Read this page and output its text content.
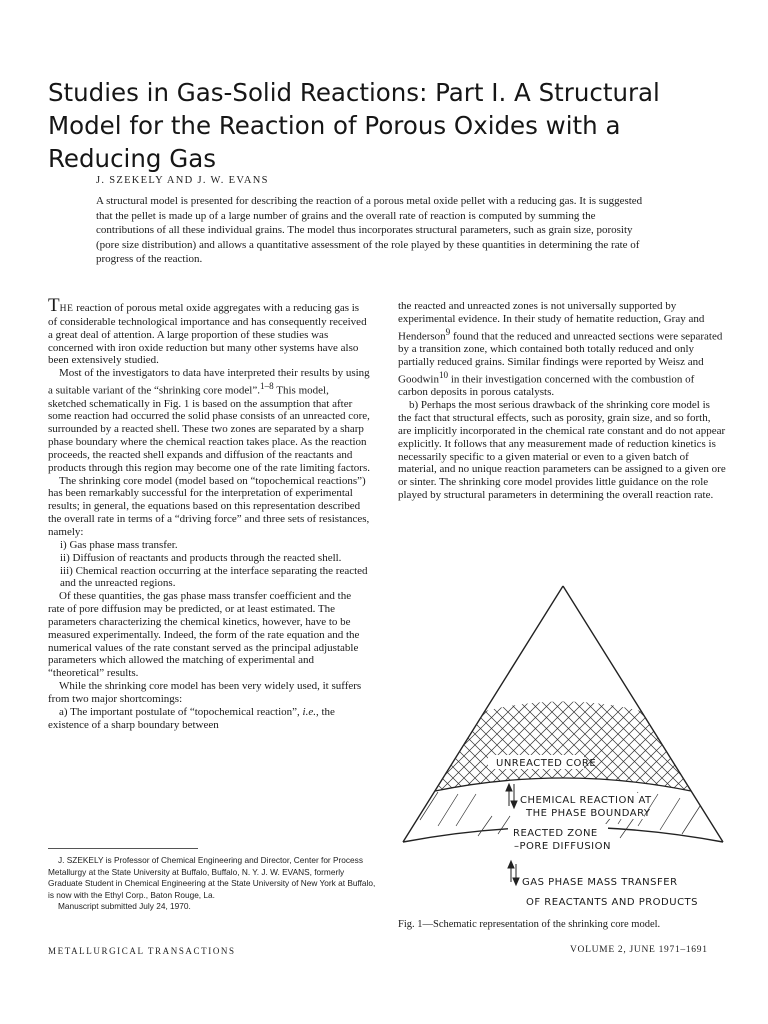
Studies in Gas-Solid Reactions: Part I. A Structural Model for the Reaction of Porous Oxides with a Reducing Gas
J. SZEKELY AND J. W. EVANS
A structural model is presented for describing the reaction of a porous metal oxide pellet with a reducing gas. It is suggested that the pellet is made up of a large number of grains and the overall rate of reaction is computed by summing the contributions of all these individual grains. The model thus incorporates structural parameters, such as grain size, porosity (pore size distribution) and allows a quantitative assessment of the role played by these quantities in determining the rate of progress of the reaction.

THE reaction of porous metal oxide aggregates with a reducing gas is of considerable technological importance and has consequently received a great deal of attention. A large proportion of these studies was concerned with iron oxide reduction but many other systems have also been extensively studied.

Most of the investigators to data have interpreted their results by using a suitable variant of the “shrinking core model”.$^{1-8}$ This model, sketched schematically in Fig. 1 is based on the assumption that after some reaction had occurred the solid phase consists of an unreacted core, surrounded by a reacted shell. These two zones are separated by a sharp phase boundary where the chemical reaction takes place. As the reaction proceeds, the reacted shell expands and diffusion of the reactants and products through this region may become one of the rate limiting factors.

The shrinking core model (model based on “topochemical reactions”) has been remarkably successful for the interpretation of experimental results; in general, the equations based on this representation described the overall rate in terms of a “driving force” and three sets of resistances, namely:

i) Gas phase mass transfer.

ii) Diffusion of reactants and products through the reacted shell.

iii) Chemical reaction occurring at the interface separating the reacted and the unreacted regions.

Of these quantities, the gas phase mass transfer coefficient and the rate of pore diffusion may be predicted, or at least estimated. The parameters characterizing the chemical kinetics, however, have to be measured experimentally. Indeed, the form of the rate equation and the numerical values of the rate constant served as the principal adjustable parameters which allowed the matching of experimental and “theoretical” results.

While the shrinking core model has been very widely used, it suffers from two major shortcomings:

a) The important postulate of “topochemical reaction”, i.e., the existence of a sharp boundary between

J. SZEKELY is Professor of Chemical Engineering and Director, Center for Process Metallurgy at the State University at Buffalo, Buffalo, N. Y. J. W. EVANS, formerly Graduate Student in Chemical Engineering at the State University of New York at Buffalo, is now with the Ethyl Corp., Baton Rouge, La.

Manuscript submitted July 24, 1970.

the reacted and unreacted zones is not universally supported by experimental evidence. In their study of hematite reduction, Gray and Henderson$^9$ found that the reduced and unreacted sections were separated by a transition zone, which contained both totally reduced and only partially reduced grains. Similar findings were reported by Weisz and Goodwin$^{10}$ in their investigation concerned with the combustion of carbon deposits in porous catalysts.

b) Perhaps the most serious drawback of the shrinking core model is the fact that structural effects, such as porosity, grain size, and so forth, are implicitly incorporated in the chemical rate constant and do not appear explicitly. It follows that any measurement made of reduction kinetics is necessarily specific to a given material or even to a given batch of material, and no unique reaction parameters can be assigned to a given ore or sinter. The shrinking core model provides little guidance on the role played by structural parameters in determining the overall reaction rate.

UNREACTED CORE
CHEMICAL REACTION AT
THE PHASE BOUNDARY
REACTED ZONE
–PORE DIFFUSION
GAS PHASE MASS TRANSFER
OF REACTANTS AND PRODUCTS
Fig. 1—Schematic representation of the shrinking core model.
METALLURGICAL TRANSACTIONS	VOLUME 2, JUNE 1971–1691
